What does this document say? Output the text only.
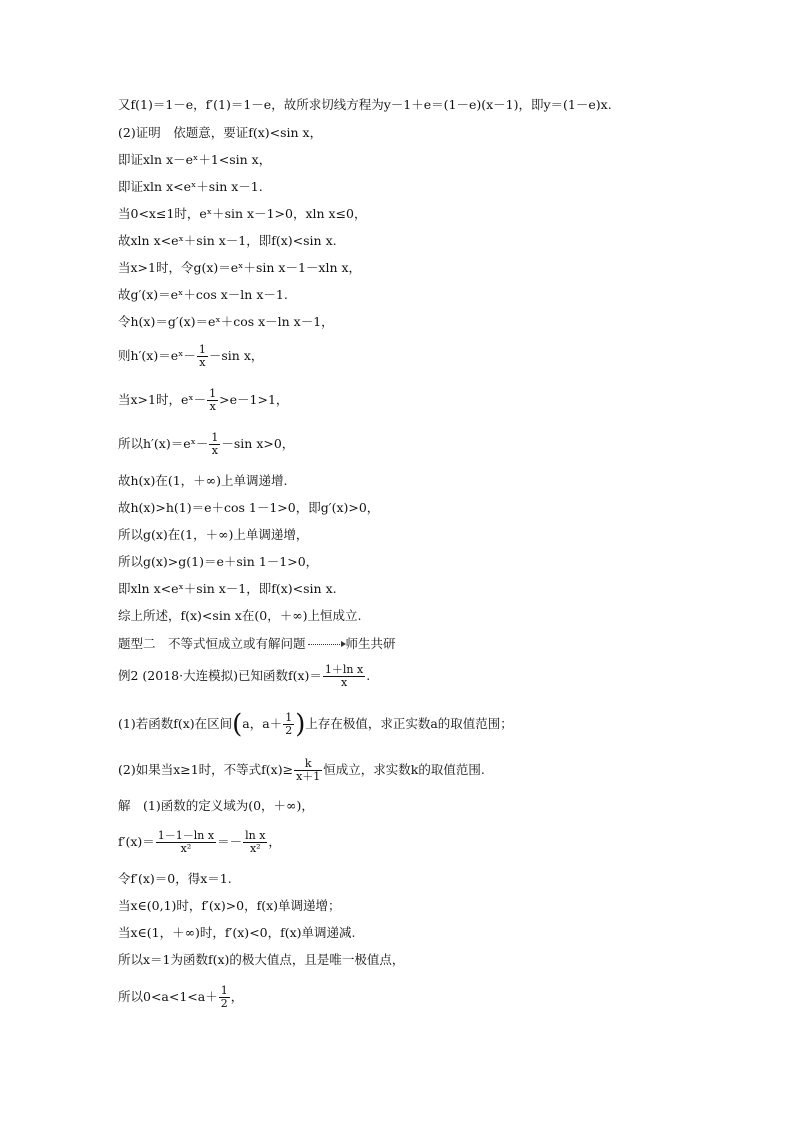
又f(1)＝1－e，f′(1)＝1－e，故所求切线方程为y－1＋e＝(1－e)(x－1)，即y＝(1－e)x.
(2)证明　依题意，要证f(x)<sin x，
即证xln x－eˣ＋1<sin x，
即证xln x<eˣ＋sin x－1.
当0<x≤1时，eˣ＋sin x－1>0，xln x≤0，
故xln x<eˣ＋sin x－1，即f(x)<sin x.
当x>1时，令g(x)＝eˣ＋sin x－1－xln x，
故g′(x)＝eˣ＋cos x－ln x－1.
令h(x)＝g′(x)＝eˣ＋cos x－ln x－1，
则h′(x)＝eˣ－ $\frac{1}{x} -\sin$ x，
当x>1时，eˣ－ $\frac{1}{x} >e-1>1$，
所以h′(x)＝eˣ－ $\frac{1}{x} -\sin$ x>0，
故h(x)在(1，＋∞)上单调递增.
故h(x)>h(1)＝e＋cos 1－1>0，即g′(x)>0，
所以g(x)在(1，＋∞)上单调递增，
所以g(x)>g(1)＝e＋sin 1－1>0，
即xln x<eˣ＋sin x－1，即f(x)<sin x.
综上所述，f(x)<sin x在(0，＋∞)上恒成立.
题型二　不等式恒成立或有解问题	师生共研
例2 (2018·大连模拟)已知函数$f(x)= \frac{\text{1＋ln x}}{x}$ .
(1)若函数f(x)在区间(a，$a+ \frac{1}{2}$ )上存在极值，求正实数a的取值范围；
(2)如果当x≥1时，不等式$f(x)\ge \frac{k}{x+1}$ 恒成立，求实数k的取值范围.
解　(1)函数的定义域为(0，＋∞)，
$f'(x)= \frac{\text{1－1－ln x}}{\text{x²}} =- \frac{\text{ln x}}{\text{x²}}$ ，
令f′(x)＝0，得x＝1.
当x∈(0,1)时，f′(x)>0，f(x)单调递增；
当x∈(1，＋∞)时，f′(x)<0，f(x)单调递减.
所以x＝1为函数f(x)的极大值点，且是唯一极值点，
所以$0<a<1<a+ \frac{1}{2}$ ，
